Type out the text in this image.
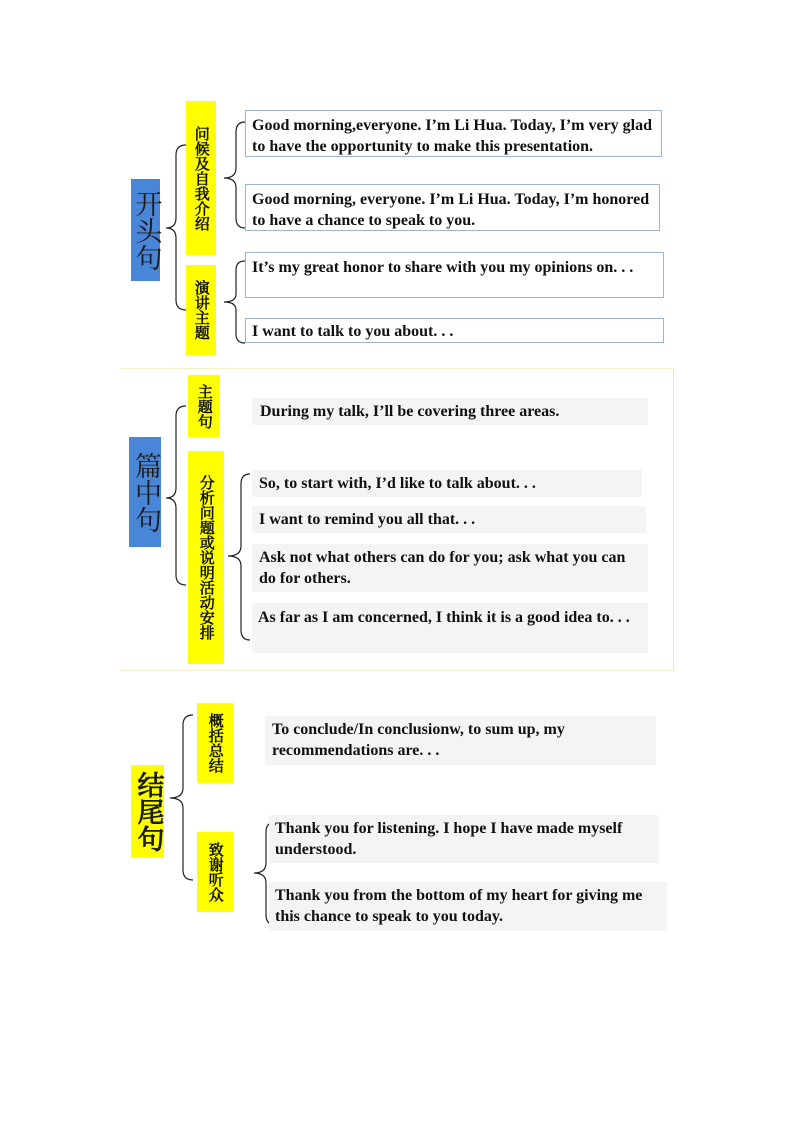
开头句	问候及自我介绍
演讲主题
Good morning,everyone. I’m Li Hua. Today, I’m very glad to have the opportunity to make this presentation.
Good morning, everyone. I’m Li Hua. Today, I’m honored to have a chance to speak to you.
It’s my great honor to share with you my opinions on. . .
I want to talk to you about. . .
篇中句
主题句
分析问题或说明活动安排
During my talk, I’ll be covering three areas.
So, to start with, I’d like to talk about. . .
I want to remind you all that. . .
Ask not what others can do for you; ask what you can do for others.
As far as I am concerned, I think it is a good idea to. . .
结尾句
概括总结
致谢听众
To conclude/In conclusionw, to sum up, my recommendations are. . .
Thank you for listening. I hope I have made myself understood.
Thank you from the bottom of my heart for giving me this chance to speak to you today.
